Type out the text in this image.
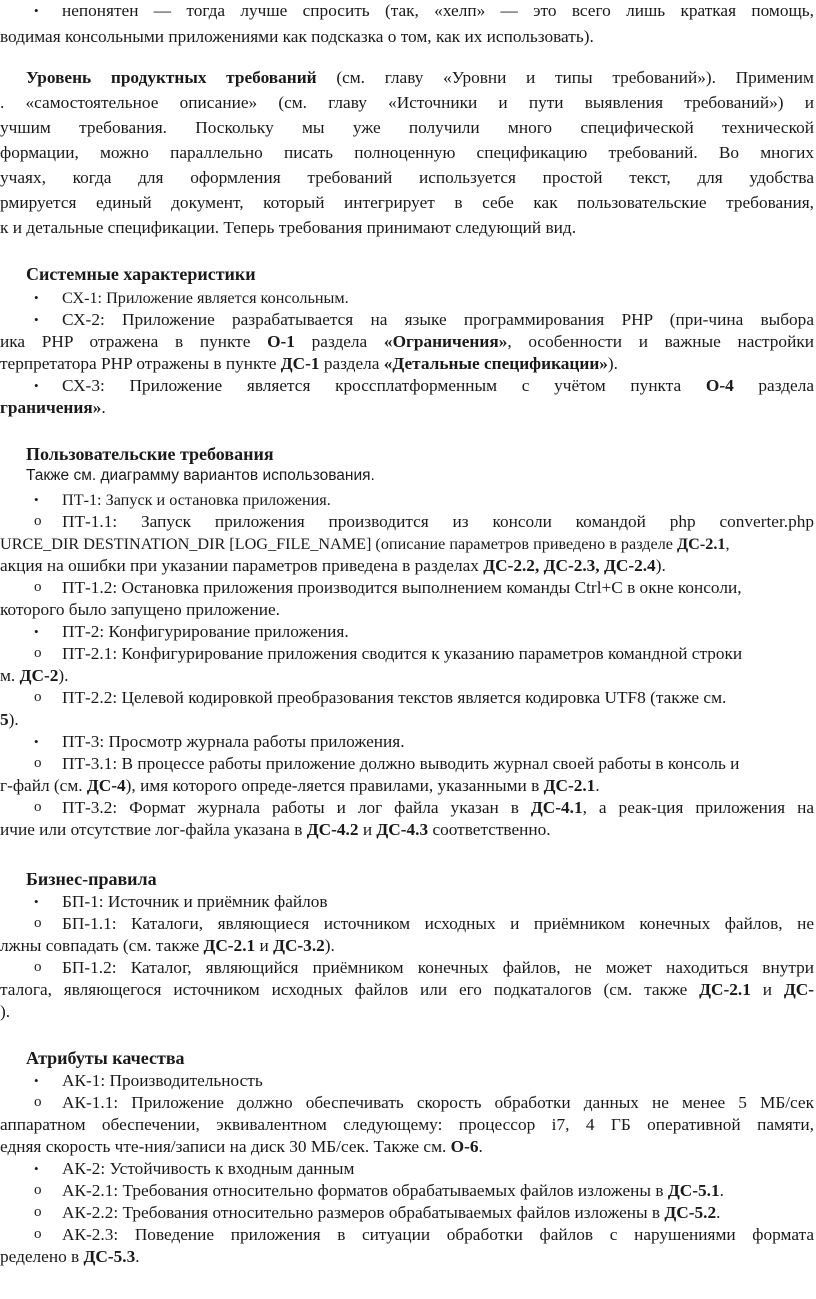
• непонятен — тогда лучше спросить (так, «хелп» — это всего лишь краткая помощь,
водимая консольными приложениями как подсказка о том, как их использовать).
Уровень продуктных требований (см. главу «Уровни и типы требований»). Применим
. «самостоятельное описание» (см. главу «Источники и пути выявления требований») и
учшим требования. Поскольку мы уже получили много специфической технической
формации, можно параллельно писать полноценную спецификацию требований. Во многих
учаях, когда для оформления требований используется простой текст, для удобства
рмируется единый документ, который интегрирует в себе как пользовательские требования,
к и детальные спецификации. Теперь требования принимают следующий вид.
Системные характеристики
• СХ-1: Приложение является консольным.
• СХ-2: Приложение разрабатывается на языке программирования PHP (при-чина выбора
ика PHP отражена в пункте О-1 раздела «Ограничения», особенности и важные настройки
терпретатора PHP отражены в пункте ДС-1 раздела «Детальные спецификации»).
• СХ-3: Приложение является кроссплатформенным с учётом пункта О-4 раздела
граничения».
Пользовательские требования
Также см. диаграмму вариантов использования.
• ПТ-1: Запуск и остановка приложения.
o ПТ-1.1: Запуск приложения производится из консоли командой php converter.php
URCE_DIR DESTINATION_DIR [LOG_FILE_NAME] (описание параметров приведено в разделе ДС-2.1,
акция на ошибки при указании параметров приведена в разделах ДС-2.2, ДС-2.3, ДС-2.4).
o ПТ-1.2: Остановка приложения производится выполнением команды Ctrl+C в окне консоли,
которого было запущено приложение.
• ПТ-2: Конфигурирование приложения.
o ПТ-2.1: Конфигурирование приложения сводится к указанию параметров командной строки
м. ДС-2).
o ПТ-2.2: Целевой кодировкой преобразования текстов является кодировка UTF8 (также см.
5).
• ПТ-3: Просмотр журнала работы приложения.
o ПТ-3.1: В процессе работы приложение должно выводить журнал своей работы в консоль и
г-файл (см. ДС-4), имя которого опреде-ляется правилами, указанными в ДС-2.1.
o ПТ-3.2: Формат журнала работы и лог файла указан в ДС-4.1, а реак-ция приложения на
ичие или отсутствие лог-файла указана в ДС-4.2 и ДС-4.3 соответственно.
Бизнес-правила
• БП-1: Источник и приёмник файлов
o БП-1.1: Каталоги, являющиеся источником исходных и приёмником конечных файлов, не
лжны совпадать (см. также ДС-2.1 и ДС-3.2).
o БП-1.2: Каталог, являющийся приёмником конечных файлов, не может находиться внутри
талога, являющегося источником исходных файлов или его подкаталогов (см. также ДС-2.1 и ДС-
).
Атрибуты качества
• АК-1: Производительность
o АК-1.1: Приложение должно обеспечивать скорость обработки данных не менее 5 МБ/сек
аппаратном обеспечении, эквивалентном следующему: процессор i7, 4 ГБ оперативной памяти,
едняя скорость чте-ния/записи на диск 30 МБ/сек. Также см. О-6.
• АК-2: Устойчивость к входным данным
o АК-2.1: Требования относительно форматов обрабатываемых файлов изложены в ДС-5.1.
o АК-2.2: Требования относительно размеров обрабатываемых файлов изложены в ДС-5.2.
o АК-2.3: Поведение приложения в ситуации обработки файлов с нарушениями формата
ределено в ДС-5.3.
